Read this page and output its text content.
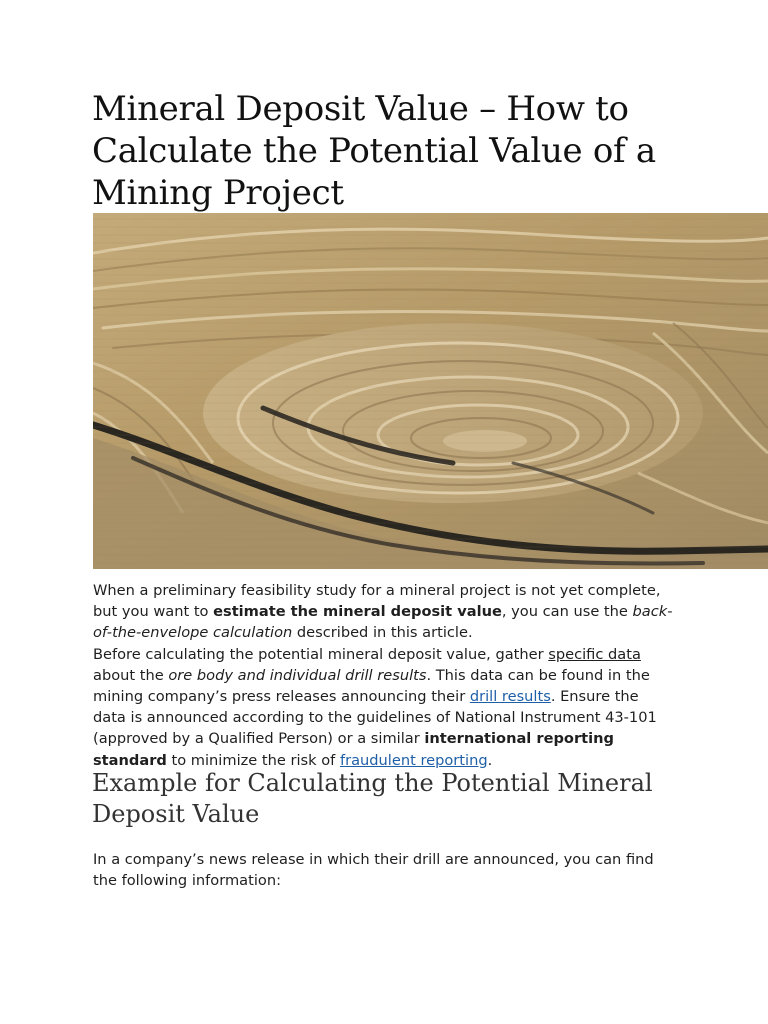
Mineral Deposit Value – How to Calculate the Potential Value of a Mining Project

When a preliminary feasibility study for a mineral project is not yet complete, but you want to estimate the mineral deposit value, you can use the back-of-the-envelope calculation described in this article.

Before calculating the potential mineral deposit value, gather specific data about the ore body and individual drill results. This data can be found in the mining company’s press releases announcing their drill results. Ensure the data is announced according to the guidelines of National Instrument 43-101 (approved by a Qualified Person) or a similar international reporting standard to minimize the risk of fraudulent reporting.

Example for Calculating the Potential Mineral Deposit Value

In a company’s news release in which their drill are announced, you can find the following information:
